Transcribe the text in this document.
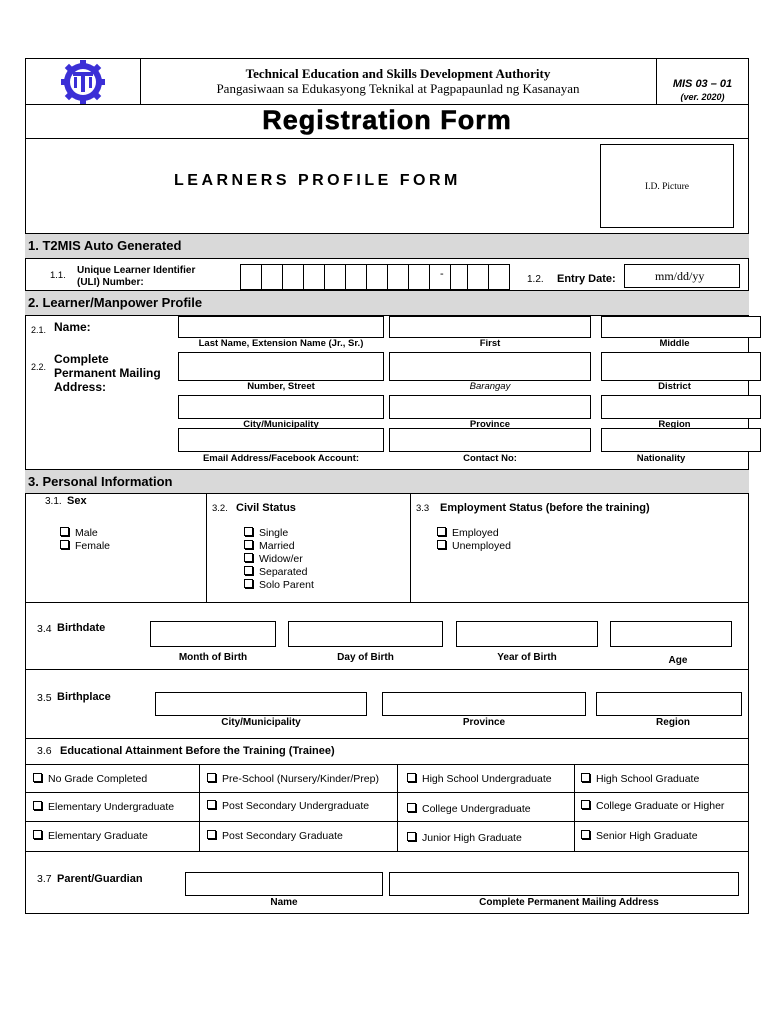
Technical Education and Skills Development Authority
Pangasiwaan sa Edukasyong Teknikal at Pagpapaunlad ng Kasanayan	MIS 03 – 01
(ver. 2020)
Registration Form
LEARNERS PROFILE FORM	I.D. Picture
1. T2MIS Auto Generated
1.1. Unique Learner Identifier
(ULI) Number:
-	1.2. Entry Date:	mm/dd/yy
2. Learner/Manpower Profile
2.1. Name:
Last Name, Extension Name (Jr., Sr.)	First	Middle
2.2.
Complete
Permanent Mailing
Address:	Number, Street	Barangay	District
City/Municipality	Province	Region
Email Address/Facebook Account:	Contact No:	Nationality
3. Personal Information
3.1. Sex
Male
Female
3.2. Civil Status
Single
Married
Widow/er
Separated
Solo Parent
3.3 Employment Status (before the training)
Employed
Unemployed
3.4 Birthdate
Month of Birth	Day of Birth	Year of Birth	Age
3.5 Birthplace
City/Municipality	Province	Region
3.6 Educational Attainment Before the Training (Trainee)
No Grade Completed	Pre-School (Nursery/Kinder/Prep)	High School Undergraduate	High School Graduate
Elementary Undergraduate	Post Secondary Undergraduate	College Undergraduate	College Graduate or Higher
Elementary Graduate	Post Secondary Graduate	Junior High Graduate	Senior High Graduate
3.7 Parent/Guardian
Name	Complete Permanent Mailing Address
